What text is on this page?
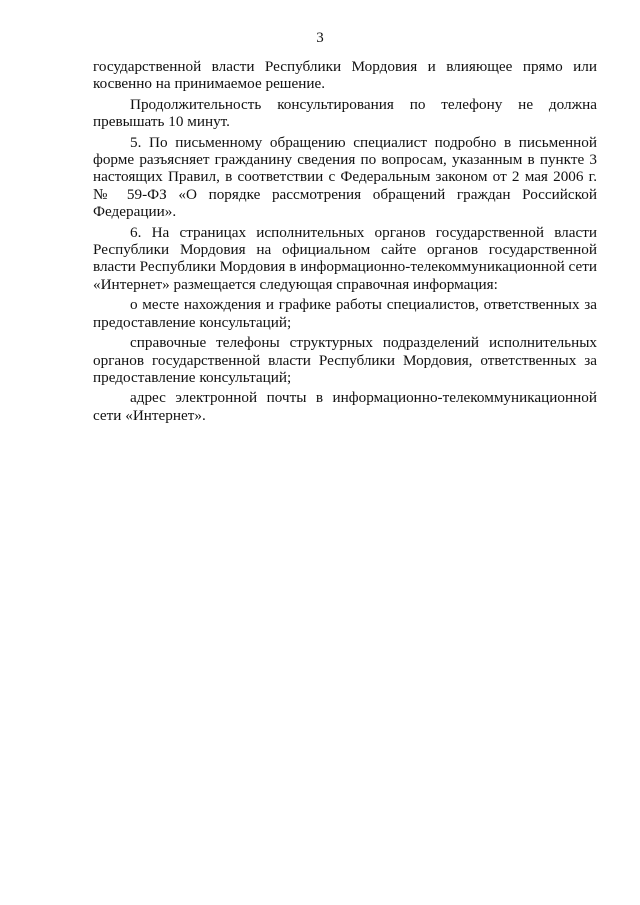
3

государственной власти Республики Мордовия и влияющее прямо или косвенно на принимаемое решение.

Продолжительность консультирования по телефону не должна превышать 10 минут.

5. По письменному обращению специалист подробно в письменной форме разъясняет гражданину сведения по вопросам, указанным в пункте 3 настоящих Правил, в соответствии с Федеральным законом от 2 мая 2006 г. № 59-ФЗ «О порядке рассмотрения обращений граждан Российской Федерации».

6. На страницах исполнительных органов государственной власти Республики Мордовия на официальном сайте органов государственной власти Республики Мордовия в информационно-телекоммуникационной сети «Интернет» размещается следующая справочная информация:

о месте нахождения и графике работы специалистов, ответственных за предоставление консультаций;

справочные телефоны структурных подразделений исполнительных органов государственной власти Республики Мордовия, ответственных за предоставление консультаций;

адрес электронной почты в информационно-телекоммуникационной сети «Интернет».
